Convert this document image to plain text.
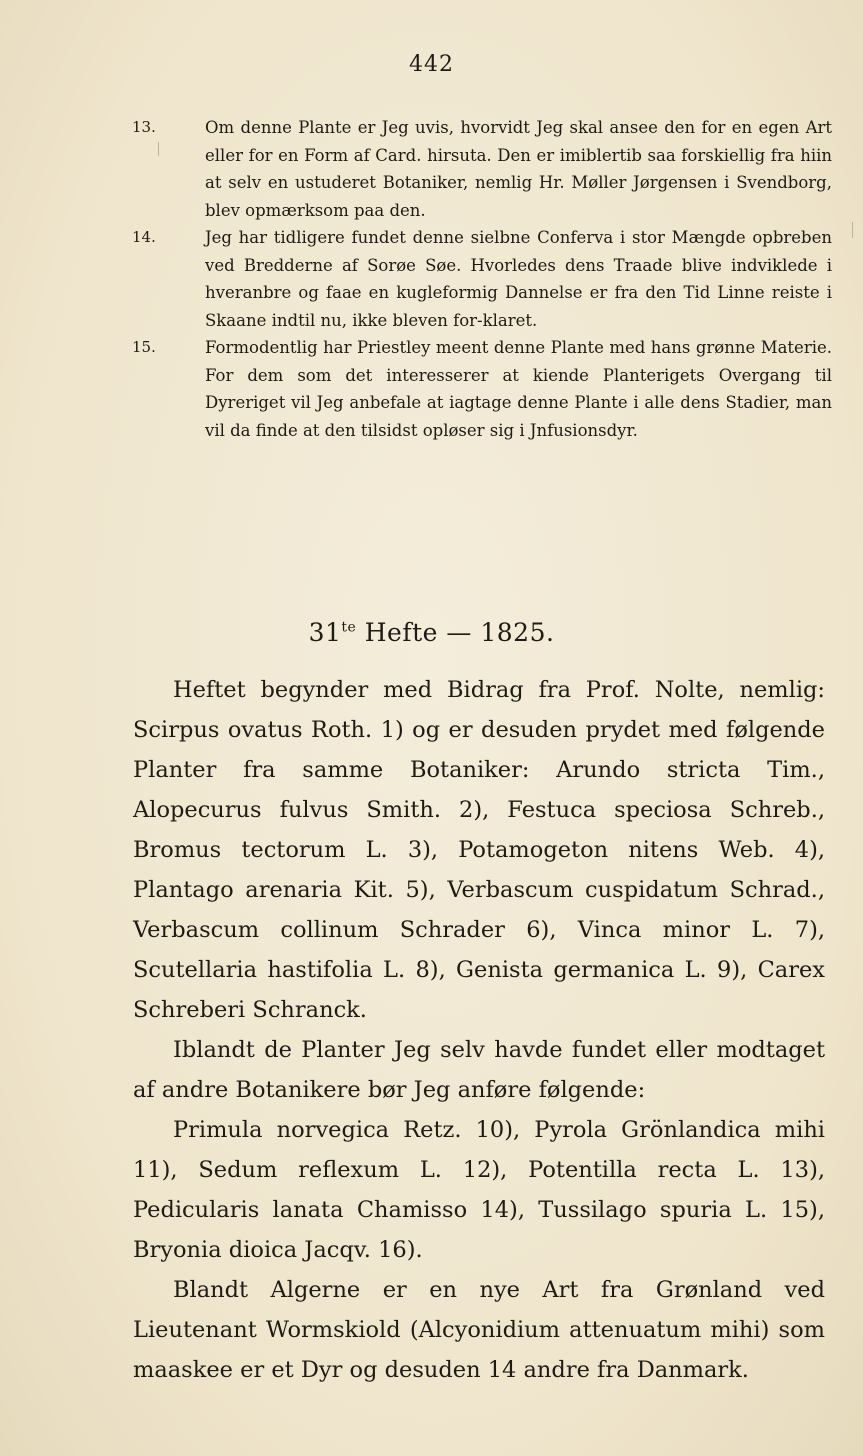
442
13.	Om denne Plante er Jeg uvis, hvorvidt Jeg skal ansee den for en egen Art eller for en Form af Card. hirsuta. Den er imiblertib saa forskiellig fra hiin at selv en ustuderet Botaniker, nemlig Hr. Møller Jørgensen i Svendborg, blev opmærksom paa den.
14.	Jeg har tidligere fundet denne sielbne Conferva i stor Mængde opbreben ved Bredderne af Sorøe Søe. Hvorledes dens Traade blive indviklede i hveranbre og faae en kugleformig Dannelse er fra den Tid Linne reiste i Skaane indtil nu, ikke bleven for-klaret.
15.	Formodentlig har Priestley meent denne Plante med hans grønne Materie. For dem som det interesserer at kiende Planterigets Overgang til Dyreriget vil Jeg anbefale at iagtage denne Plante i alle dens Stadier, man vil da finde at den tilsidst opløser sig i Jnfusionsdyr.
$31^{te}$ Hefte — 1825.

Heftet begynder med Bidrag fra Prof. Nolte, nemlig: Scirpus ovatus Roth. 1) og er desuden prydet med følgende Planter fra samme Botaniker: Arundo stricta Tim., Alopecurus fulvus Smith. 2), Festuca speciosa Schreb., Bromus tectorum L. 3), Potamogeton nitens Web. 4), Plantago arenaria Kit. 5), Verbascum cuspidatum Schrad., Verbascum collinum Schrader 6), Vinca minor L. 7), Scutellaria hastifolia L. 8), Genista germanica L. 9), Carex Schreberi Schranck.

Iblandt de Planter Jeg selv havde fundet eller modtaget af andre Botanikere bør Jeg anføre følgende:

Primula norvegica Retz. 10), Pyrola Grönlandica mihi 11), Sedum reflexum L. 12), Potentilla recta L. 13), Pedicularis lanata Chamisso 14), Tussilago spuria L. 15), Bryonia dioica Jacqv. 16).

Blandt Algerne er en nye Art fra Grønland ved Lieutenant Wormskiold (Alcyonidium attenuatum mihi) som maaskee er et Dyr og desuden 14 andre fra Danmark.
